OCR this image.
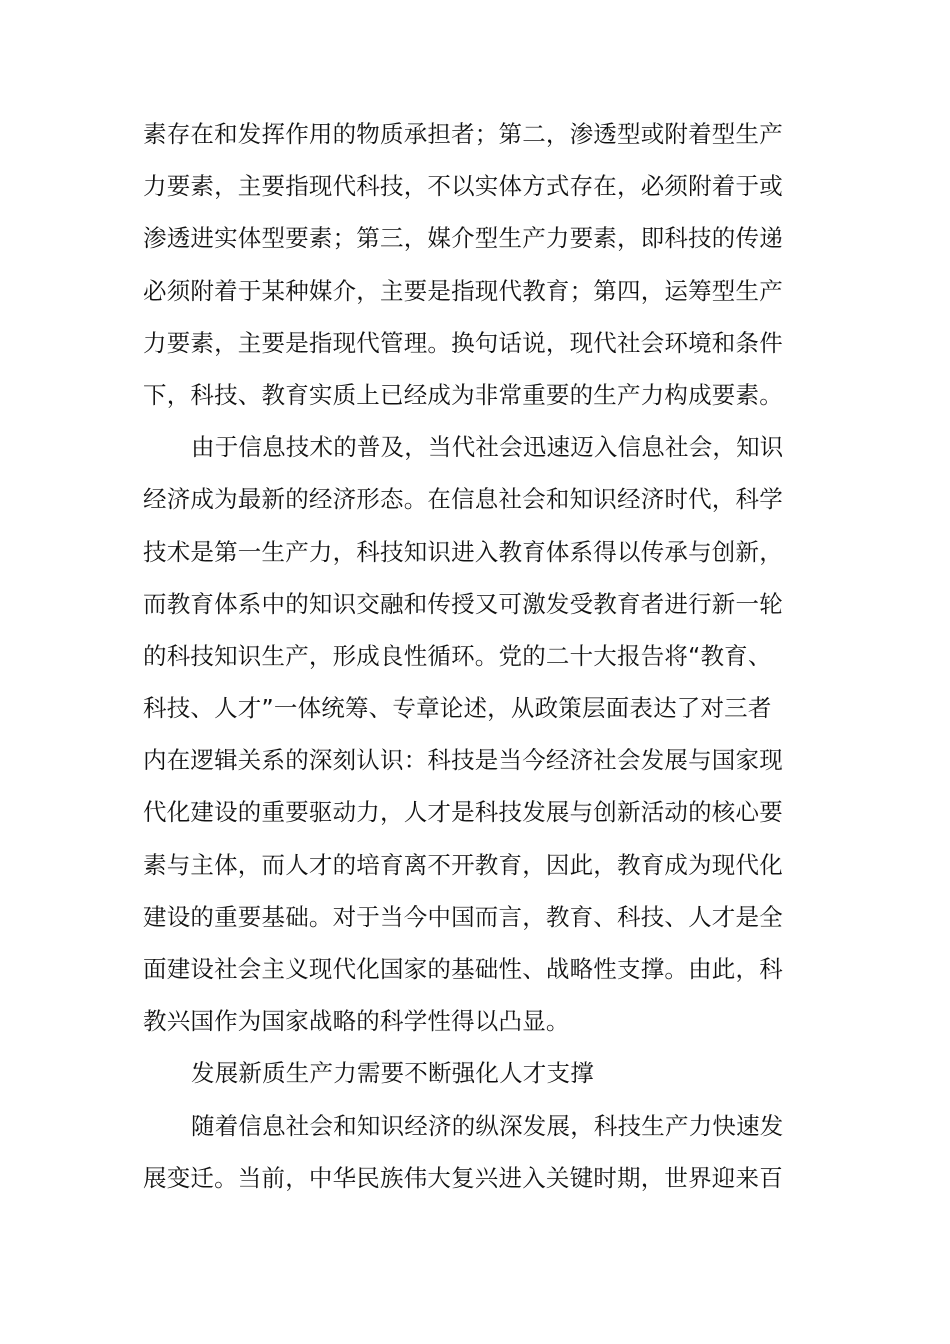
素存在和发挥作用的物质承担者；第二，渗透型或附着型生产
力要素，主要指现代科技，不以实体方式存在，必须附着于或
渗透进实体型要素；第三，媒介型生产力要素，即科技的传递
必须附着于某种媒介，主要是指现代教育；第四，运筹型生产
力要素，主要是指现代管理。换句话说，现代社会环境和条件
下，科技、教育实质上已经成为非常重要的生产力构成要素。
由于信息技术的普及，当代社会迅速迈入信息社会，知识
经济成为最新的经济形态。在信息社会和知识经济时代，科学
技术是第一生产力，科技知识进入教育体系得以传承与创新，
而教育体系中的知识交融和传授又可激发受教育者进行新一轮
的科技知识生产，形成良性循环。党的二十大报告将“教育、
科技、人才”一体统筹、专章论述，从政策层面表达了对三者
内在逻辑关系的深刻认识：科技是当今经济社会发展与国家现
代化建设的重要驱动力，人才是科技发展与创新活动的核心要
素与主体，而人才的培育离不开教育，因此，教育成为现代化
建设的重要基础。对于当今中国而言，教育、科技、人才是全
面建设社会主义现代化国家的基础性、战略性支撑。由此，科
教兴国作为国家战略的科学性得以凸显。
发展新质生产力需要不断强化人才支撑
随着信息社会和知识经济的纵深发展，科技生产力快速发
展变迁。当前，中华民族伟大复兴进入关键时期，世界迎来百
